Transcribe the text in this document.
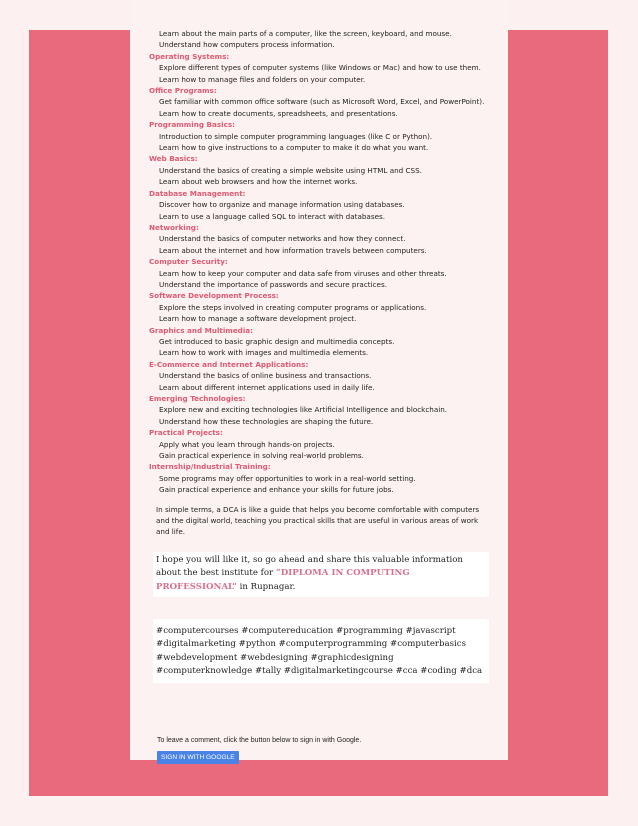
Learn about the main parts of a computer, like the screen, keyboard, and mouse.
Understand how computers process information.
Operating Systems:
Explore different types of computer systems (like Windows or Mac) and how to use them.
Learn how to manage files and folders on your computer.
Office Programs:
Get familiar with common office software (such as Microsoft Word, Excel, and PowerPoint).
Learn how to create documents, spreadsheets, and presentations.
Programming Basics:
Introduction to simple computer programming languages (like C or Python).
Learn how to give instructions to a computer to make it do what you want.
Web Basics:
Understand the basics of creating a simple website using HTML and CSS.
Learn about web browsers and how the internet works.
Database Management:
Discover how to organize and manage information using databases.
Learn to use a language called SQL to interact with databases.
Networking:
Understand the basics of computer networks and how they connect.
Learn about the internet and how information travels between computers.
Computer Security:
Learn how to keep your computer and data safe from viruses and other threats.
Understand the importance of passwords and secure practices.
Software Development Process:
Explore the steps involved in creating computer programs or applications.
Learn how to manage a software development project.
Graphics and Multimedia:
Get introduced to basic graphic design and multimedia concepts.
Learn how to work with images and multimedia elements.
E-Commerce and Internet Applications:
Understand the basics of online business and transactions.
Learn about different internet applications used in daily life.
Emerging Technologies:
Explore new and exciting technologies like Artificial Intelligence and blockchain.
Understand how these technologies are shaping the future.
Practical Projects:
Apply what you learn through hands-on projects.
Gain practical experience in solving real-world problems.
Internship/Industrial Training:
Some programs may offer opportunities to work in a real-world setting.
Gain practical experience and enhance your skills for future jobs.
In simple terms, a DCA is like a guide that helps you become comfortable with computers and the digital world, teaching you practical skills that are useful in various areas of work and life.
I hope you will like it, so go ahead and share this valuable information about the best institute for “DIPLOMA IN COMPUTING PROFESSIONAL” in Rupnagar.
#computercourses #computereducation #programming #javascript #digitalmarketing #python #computerprogramming #computerbasics #webdevelopment #webdesigning #graphicdesigning #computerknowledge #tally #digitalmarketingcourse #cca #coding #dca
To leave a comment, click the button below to sign in with Google.
SIGN IN WITH GOOGLE
